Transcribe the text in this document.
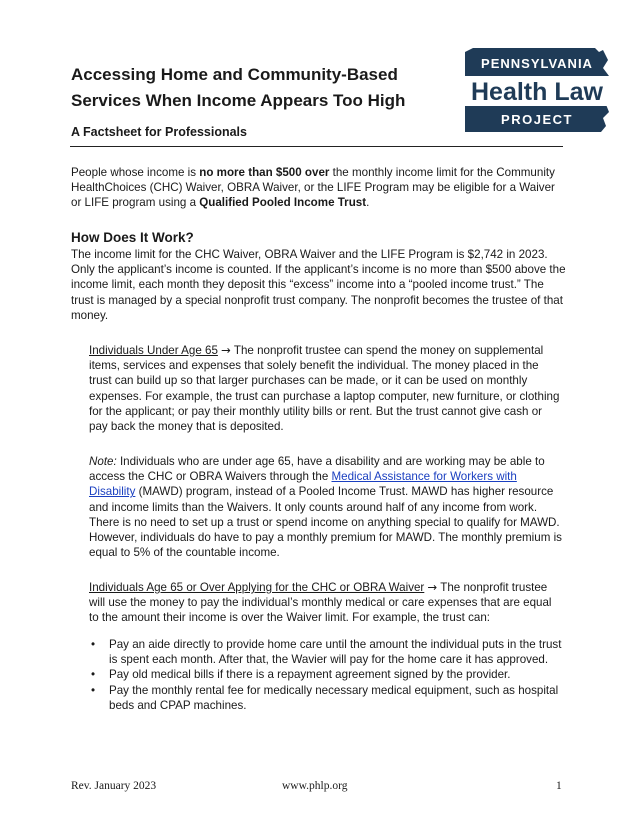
Accessing Home and Community-Based Services When Income Appears Too High
A Factsheet for Professionals
PENNSYLVANIA
Health Law
PROJECT
People whose income is no more than $500 over the monthly income limit for the Community HealthChoices (CHC) Waiver, OBRA Waiver, or the LIFE Program may be eligible for a Waiver or LIFE program using a Qualified Pooled Income Trust.
How Does It Work?
The income limit for the CHC Waiver, OBRA Waiver and the LIFE Program is $2,742 in 2023. Only the applicant’s income is counted. If the applicant’s income is no more than $500 above the income limit, each month they deposit this “excess” income into a “pooled income trust.” The trust is managed by a special nonprofit trust company. The nonprofit becomes the trustee of that money.
Individuals Under Age 65 → The nonprofit trustee can spend the money on supplemental items, services and expenses that solely benefit the individual. The money placed in the trust can build up so that larger purchases can be made, or it can be used on monthly expenses. For example, the trust can purchase a laptop computer, new furniture, or clothing for the applicant; or pay their monthly utility bills or rent. But the trust cannot give cash or pay back the money that is deposited.
Note: Individuals who are under age 65, have a disability and are working may be able to access the CHC or OBRA Waivers through the Medical Assistance for Workers with Disability (MAWD) program, instead of a Pooled Income Trust. MAWD has higher resource and income limits than the Waivers. It only counts around half of any income from work. There is no need to set up a trust or spend income on anything special to qualify for MAWD. However, individuals do have to pay a monthly premium for MAWD. The monthly premium is equal to 5% of the countable income.
Individuals Age 65 or Over Applying for the CHC or OBRA Waiver → The nonprofit trustee will use the money to pay the individual’s monthly medical or care expenses that are equal to the amount their income is over the Waiver limit. For example, the trust can:
• Pay an aide directly to provide home care until the amount the individual puts in the trust is spent each month. After that, the Wavier will pay for the home care it has approved.
• Pay old medical bills if there is a repayment agreement signed by the provider.
• Pay the monthly rental fee for medically necessary medical equipment, such as hospital beds and CPAP machines.
Rev. January 2023	www.phlp.org	1
